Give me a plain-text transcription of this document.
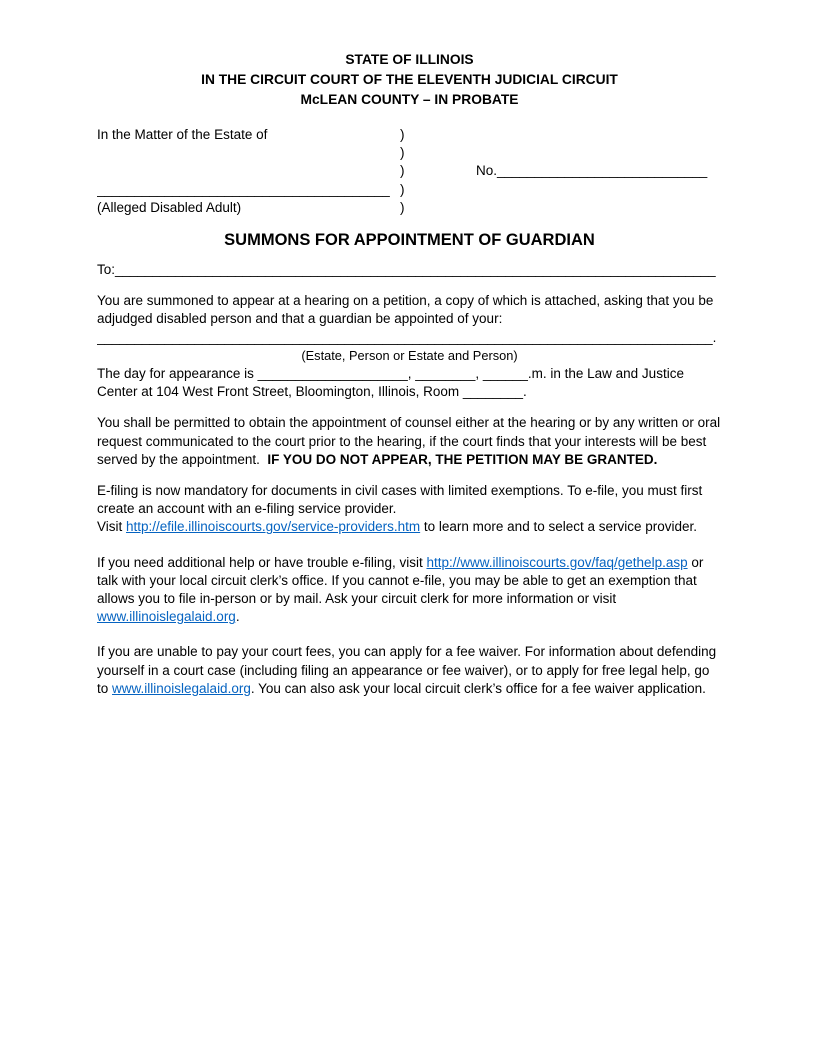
STATE OF ILLINOIS
IN THE CIRCUIT COURT OF THE ELEVENTH JUDICIAL CIRCUIT
McLEAN COUNTY – IN PROBATE
In the Matter of the Estate of	)
)
)	No.____________________________
_______________________________________ )
(Alleged Disabled Adult)	)
SUMMONS FOR APPOINTMENT OF GUARDIAN

To:________________________________________________________________________________

You are summoned to appear at a hearing on a petition, a copy of which is attached, asking that you be adjudged disabled person and that a guardian be appointed of your:

__________________________________________________________________________________.

(Estate, Person or Estate and Person)

The day for appearance is ____________________, ________, ______.m. in the Law and Justice Center at 104 West Front Street, Bloomington, Illinois, Room ________.

You shall be permitted to obtain the appointment of counsel either at the hearing or by any written or oral request communicated to the court prior to the hearing, if the court finds that your interests will be best served by the appointment.  IF YOU DO NOT APPEAR, THE PETITION MAY BE GRANTED.

E-filing is now mandatory for documents in civil cases with limited exemptions. To e-file, you must first create an account with an e-filing service provider.
Visit http://efile.illinoiscourts.gov/service-providers.htm to learn more and to select a service provider.

If you need additional help or have trouble e-filing, visit http://www.illinoiscourts.gov/faq/gethelp.asp or talk with your local circuit clerk’s office. If you cannot e-file, you may be able to get an exemption that allows you to file in-person or by mail. Ask your circuit clerk for more information or visit www.illinoislegalaid.org.

If you are unable to pay your court fees, you can apply for a fee waiver. For information about defending yourself in a court case (including filing an appearance or fee waiver), or to apply for free legal help, go to www.illinoislegalaid.org. You can also ask your local circuit clerk’s office for a fee waiver application.
